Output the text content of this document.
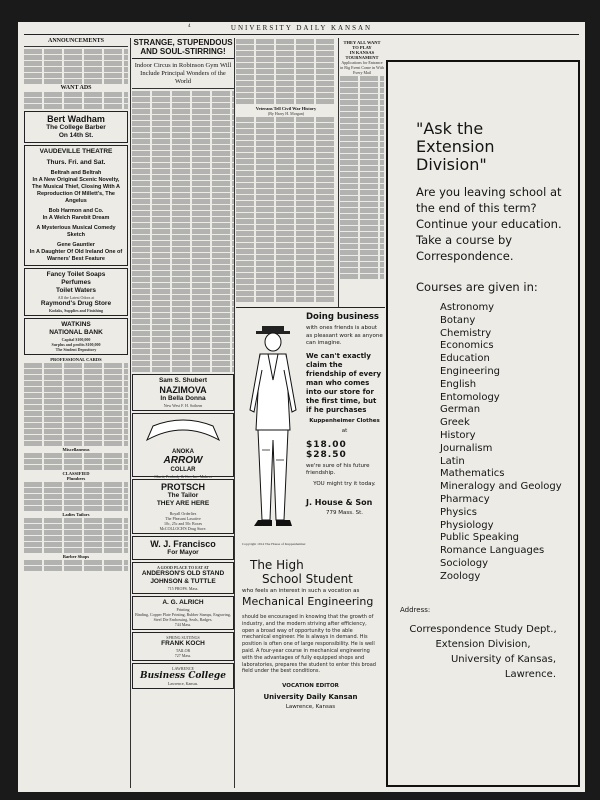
4	UNIVERSITY DAILY KANSAN
ANNOUNCEMENTS
WANT ADS
Bert Wadham
The College Barber
On 14th St.
VAUDEVILLE THEATRE
Thurs. Fri. and Sat.
Beltrah and Beltrah
In A New Original Scenic Novelty, The Musical Thief, Closing With A Reproduction Of Millett's, The Angelus
Bob Harmon and Co.
In A Welch Rarebit Dream
A Mysterious Musical Comedy Sketch
Gene Gauntier
In A Daughter Of Old Ireland One of Warners' Best Feature
Fancy Toilet Soaps
Perfumes
Toilet Waters
All the Latest Odors at
Raymond's Drug Store
Kodaks, Supplies and Finishing
WATKINS
NATIONAL BANK
Capital $100,000
Surplus and profits $100,000
The Student Depository
PROFESSIONAL CARDS
Miscellaneous
CLASSIFIED
Plumbers
Ladies Tailors
Barber Shops
STRANGE, STUPENDOUS AND SOUL-STIRRING!
Indoor Circus in Robinson Gym Will Include Principal Wonders of the World
Sam S. Shubert
NAZIMOVA
In Bella Donna
New West F. H. Sothern
ANOKA
ARROW
COLLAR
Cluett, Peabody & Co., Inc. Makers
PROTSCH
The Tailor
THEY ARE HERE
Royall Orderlies
The Pleasant Laxative
10c, 25c and 50c Boxes
McCOLLOCH'S Drug Store.
W. J. Francisco
For Mayor
A GOOD PLACE TO EAT AT
ANDERSON'S OLD STAND
JOHNSON & TUTTLE
715 PROPS. Mass.
A. G. ALRICH
Printing
Binding, Copper Plate Printing, Rubber Stamps, Engraving, Steel Die Embossing, Seals, Badges.
744 Mass.
SPRING SUITINGS
FRANK KOCH
TAILOR
727 Mass.
LAWRENCE
Business College
Lawrence, Kansas.
Veterans Tell Civil War History
(By Harry H. Morgan)
THEY ALL WANT TO PLAY
IN KANSAS TOURNAMENT
Applications for Entrance in Big Event Come in With Every Mail
Copyright 1914 The House of Kuppenheimer
Doing business
with ones friends is about as pleasant work as anyone can imagine.
We can't exactly claim the friendship of every man who comes into our store for the first time, but if he purchases
Kuppenheimer Clothes
at
$18.00 $28.50
we're sure of his future friendship.
YOU might try it today.
J. House & Son
779 Mass. St.
The High
School Student
who feels an interest in such a vocation as
Mechanical Engineering
should be encouraged in knowing that the growth of industry, and the modern striving after efficiency, open a broad way of opportunity to the able mechanical engineer. He is always in demand. His position is often one of large responsibility. He is well paid. A four-year course in mechanical engineering with the advantages of fully equipped shops and laboratories, prepares the student to enter this broad field under the best conditions.
VOCATION EDITOR
University Daily Kansan
Lawrence, Kansas
"Ask the Extension Division"
Are you leaving school at the end of this term? Continue your education. Take a course by Correspondence.
Courses are given in:
Astronomy
Botany
Chemistry
Economics
Education
Engineering
English
Entomology
German
Greek
History
Journalism
Latin
Mathematics
Mineralogy and Geology
Pharmacy
Physics
Physiology
Public Speaking
Romance Languages
Sociology
Zoology
Address:
Correspondence Study Dept.,
Extension Division,
University of Kansas,
Lawrence.
